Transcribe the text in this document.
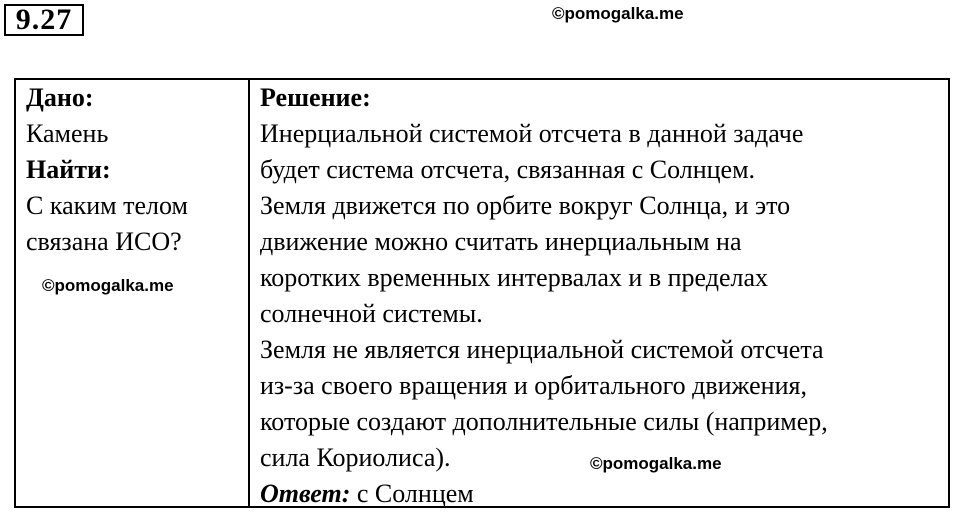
9.27	©pomogalka.me
Дано:
Камень
Найти:
С каким телом
связана ИСО?
Решение:
Инерциальной системой отсчета в данной задаче
будет система отсчета, связанная с Солнцем.
Земля движется по орбите вокруг Солнца, и это
движение можно считать инерциальным на
коротких временных интервалах и в пределах
солнечной системы.
Земля не является инерциальной системой отсчета
из-за своего вращения и орбитального движения,
которые создают дополнительные силы (например,
сила Кориолиса).
Ответ: с Солнцем
©pomogalka.me
©pomogalka.me
